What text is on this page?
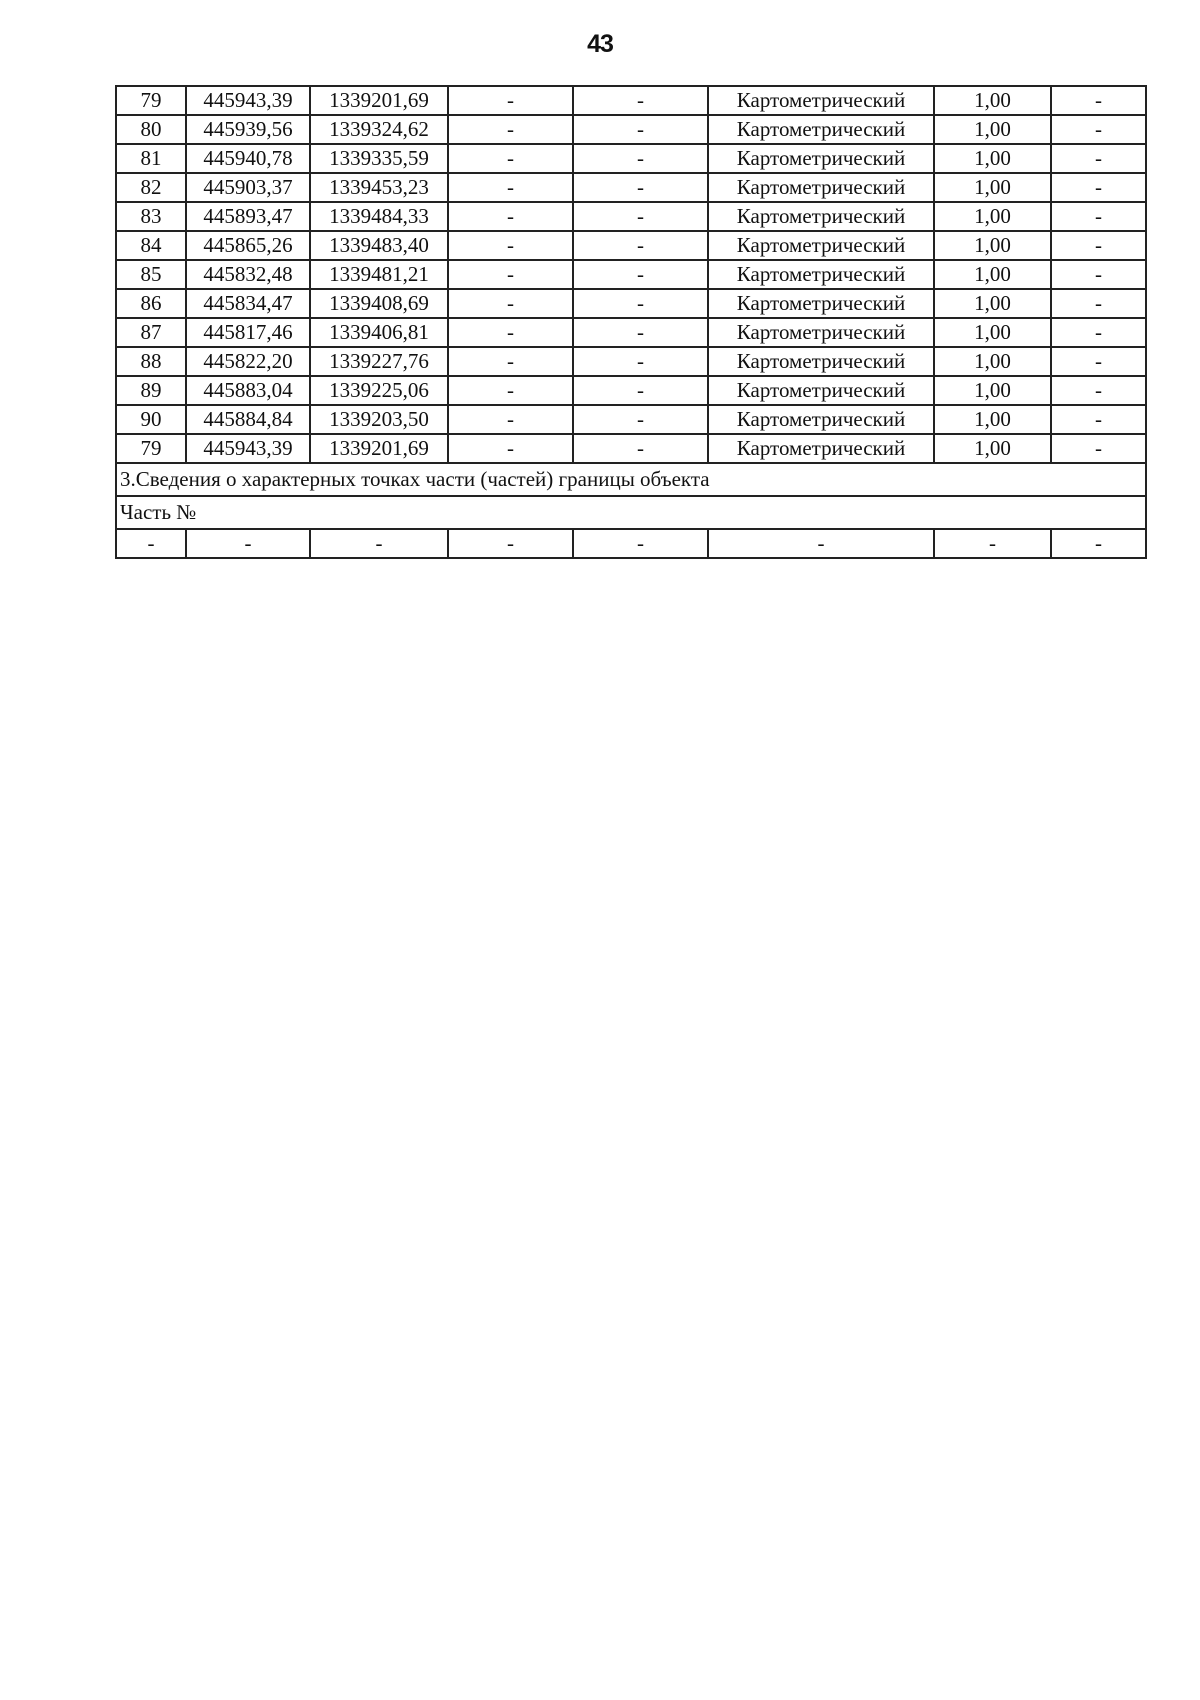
43
79	445943,39	1339201,69	-	-	Картометрический	1,00	-
80	445939,56	1339324,62	-	-	Картометрический	1,00	-
81	445940,78	1339335,59	-	-	Картометрический	1,00	-
82	445903,37	1339453,23	-	-	Картометрический	1,00	-
83	445893,47	1339484,33	-	-	Картометрический	1,00	-
84	445865,26	1339483,40	-	-	Картометрический	1,00	-
85	445832,48	1339481,21	-	-	Картометрический	1,00	-
86	445834,47	1339408,69	-	-	Картометрический	1,00	-
87	445817,46	1339406,81	-	-	Картометрический	1,00	-
88	445822,20	1339227,76	-	-	Картометрический	1,00	-
89	445883,04	1339225,06	-	-	Картометрический	1,00	-
90	445884,84	1339203,50	-	-	Картометрический	1,00	-
79	445943,39	1339201,69	-	-	Картометрический	1,00	-
3.Сведения о характерных точках части (частей) границы объекта							
Часть №							
-	-	-	-	-	-	-	-
